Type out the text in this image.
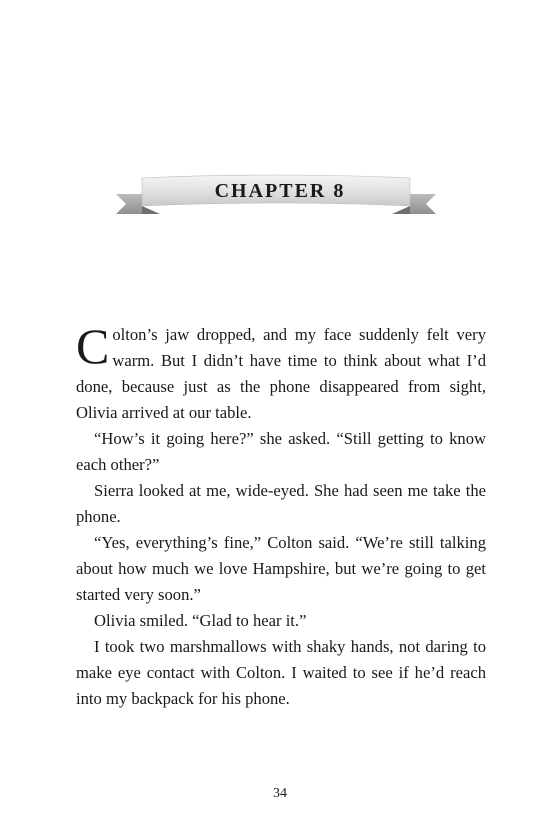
CHAPTER 8

Colton’s jaw dropped, and my face suddenly felt very warm. But I didn’t have time to think about what I’d done, because just as the phone disappeared from sight, Olivia arrived at our table.

“How’s it going here?” she asked. “Still getting to know each other?”

Sierra looked at me, wide-eyed. She had seen me take the phone.

“Yes, everything’s fine,” Colton said. “We’re still talking about how much we love Hampshire, but we’re going to get started very soon.”

Olivia smiled. “Glad to hear it.”

I took two marshmallows with shaky hands, not daring to make eye contact with Colton. I waited to see if he’d reach into my backpack for his phone.

34
